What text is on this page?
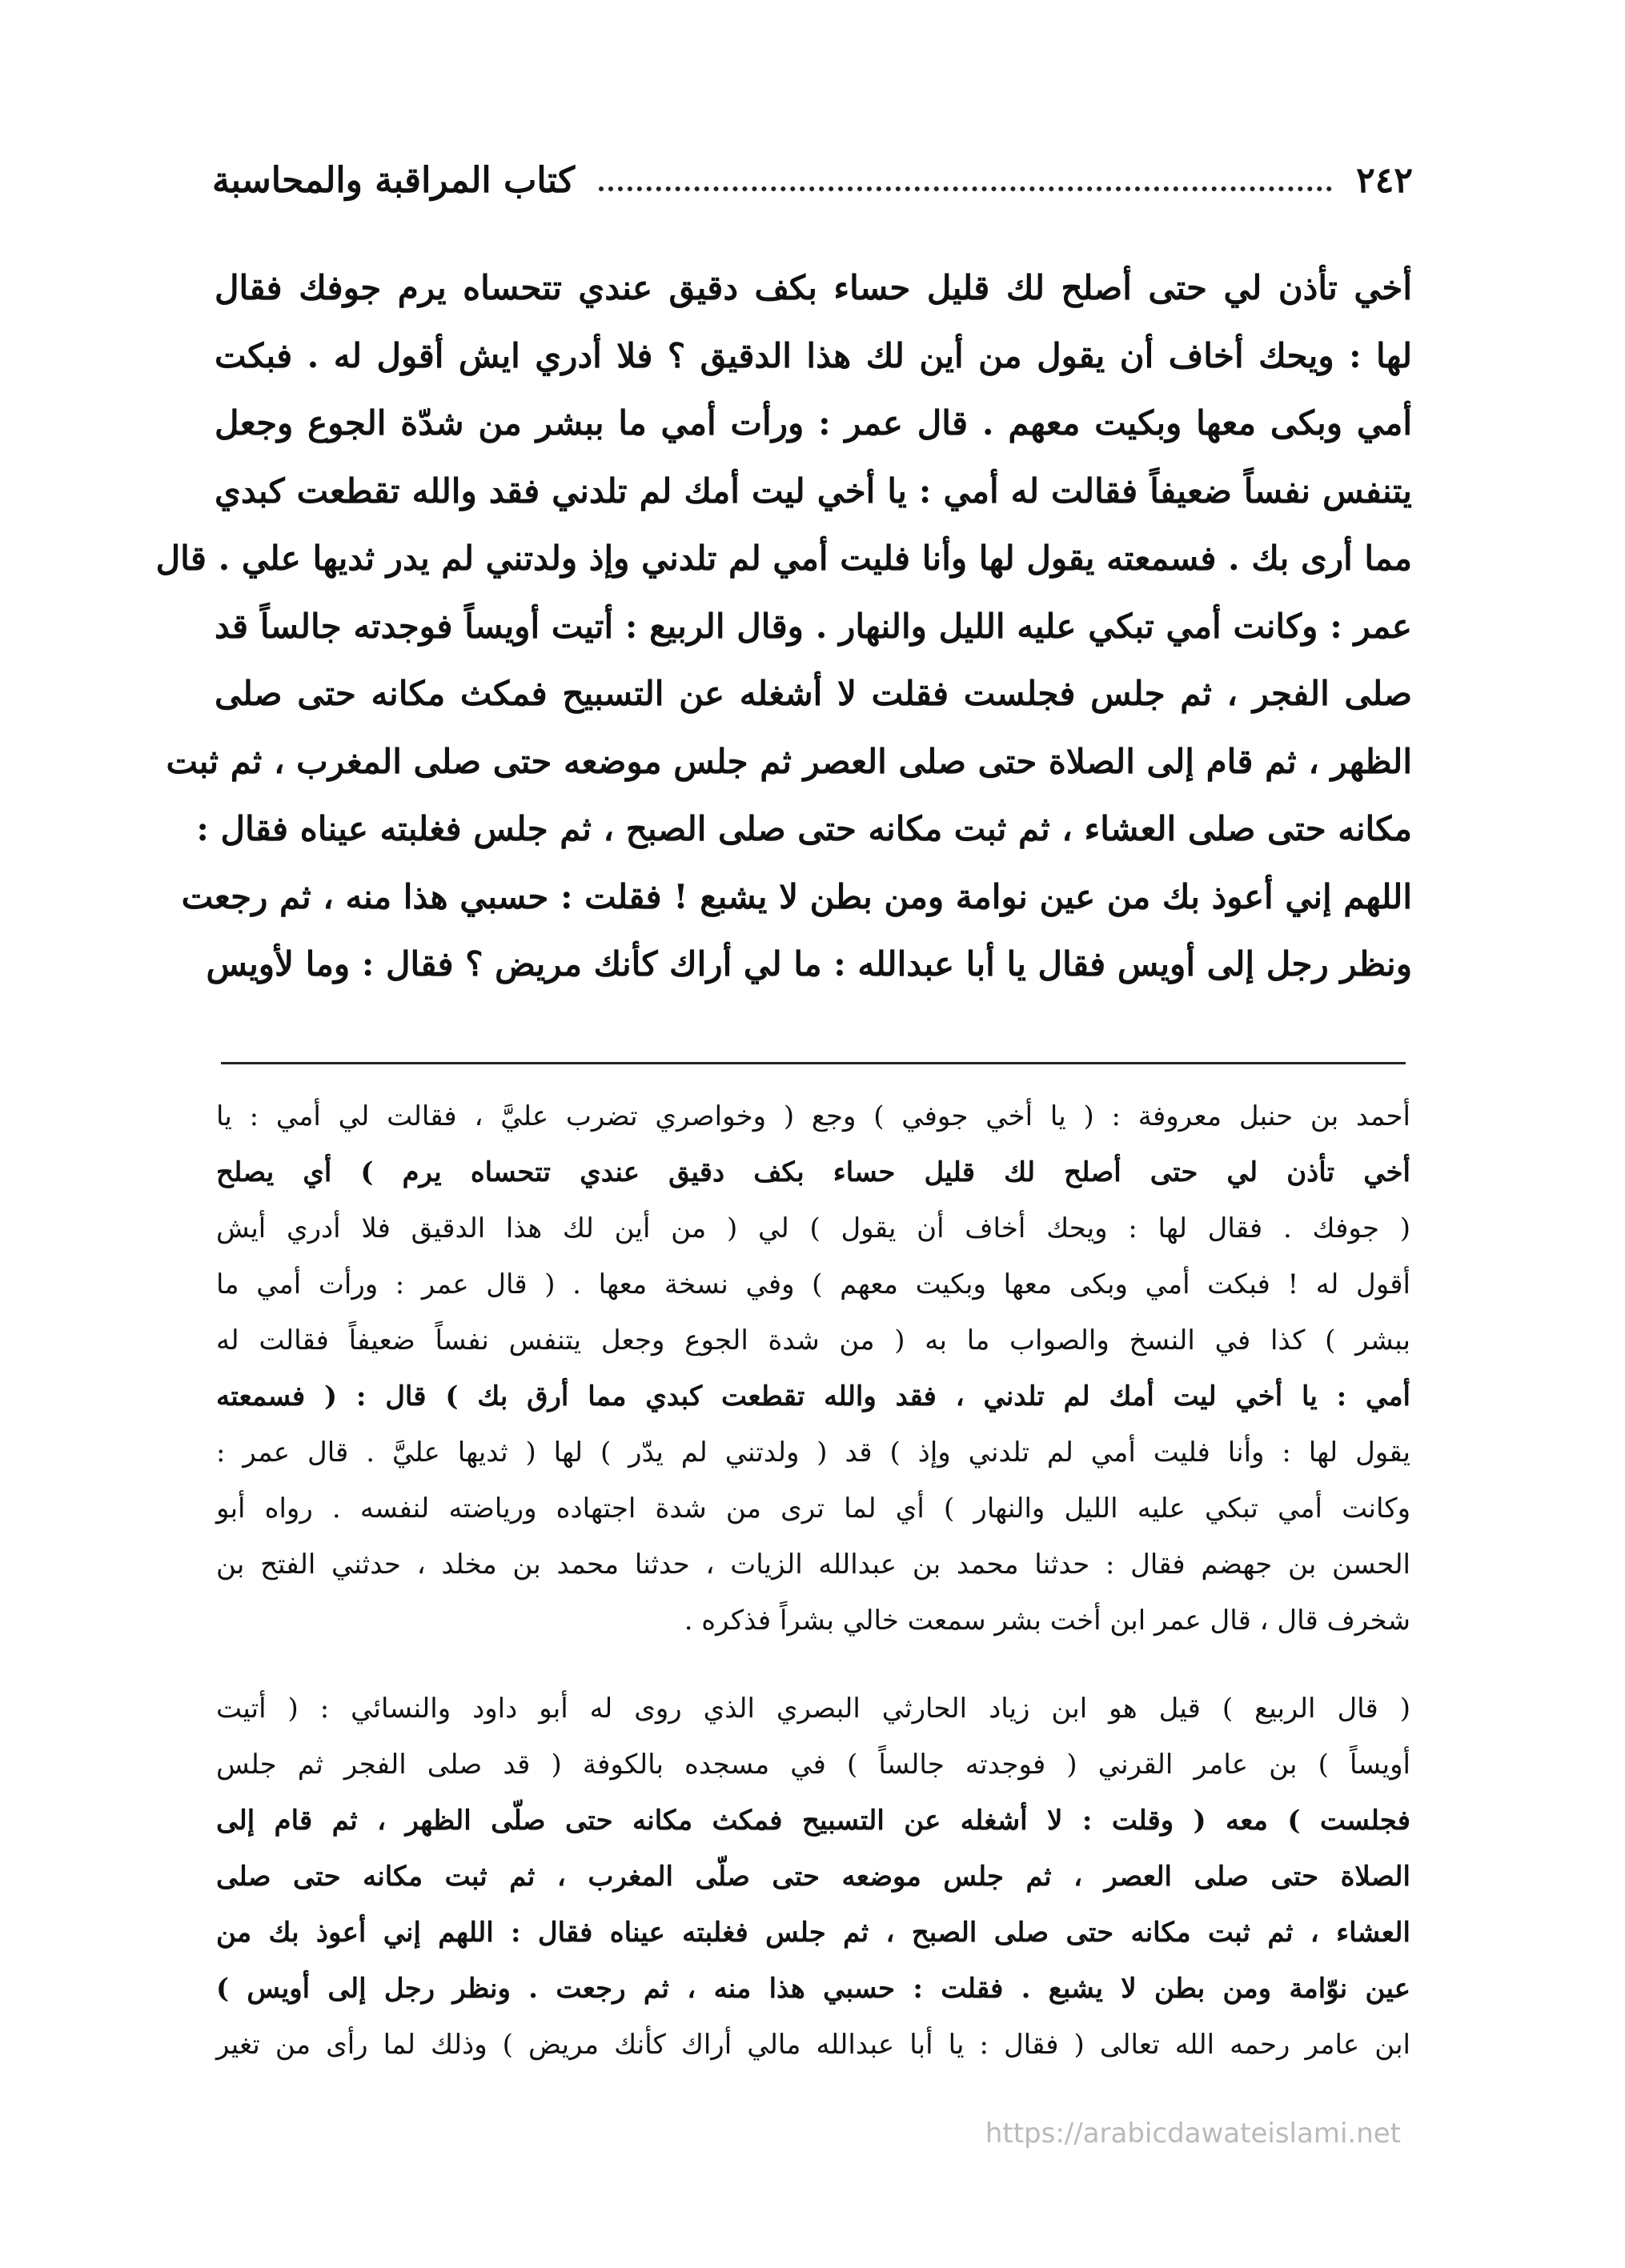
٢٤٢
كتاب المراقبة والمحاسبة
أخي تأذن لي حتى أصلح لك قليل حساء بكف دقيق عندي تتحساه يرم جوفك فقال
لها : ويحك أخاف أن يقول من أين لك هذا الدقيق ؟ فلا أدري ايش أقول له . فبكت
أمي وبكى معها وبكيت معهم . قال عمر : ورأت أمي ما ببشر من شدّة الجوع وجعل
يتنفس نفساً ضعيفاً فقالت له أمي : يا أخي ليت أمك لم تلدني فقد والله تقطعت كبدي
مما أرى بك . فسمعته يقول لها وأنا فليت أمي لم تلدني وإذ ولدتني لم يدر ثديها علي . قال
عمر : وكانت أمي تبكي عليه الليل والنهار . وقال الربيع : أتيت أويساً فوجدته جالساً قد
صلى الفجر ، ثم جلس فجلست فقلت لا أشغله عن التسبيح فمكث مكانه حتى صلى
الظهر ، ثم قام إلى الصلاة حتى صلى العصر ثم جلس موضعه حتى صلى المغرب ، ثم ثبت
مكانه حتى صلى العشاء ، ثم ثبت مكانه حتى صلى الصبح ، ثم جلس فغلبته عيناه فقال :
اللهم إني أعوذ بك من عين نوامة ومن بطن لا يشبع ! فقلت : حسبي هذا منه ، ثم رجعت
ونظر رجل إلى أويس فقال يا أبا عبدالله : ما لي أراك كأنك مريض ؟ فقال : وما لأويس
أحمد بن حنبل معروفة : ( يا أخي جوفي ) وجع ( وخواصري تضرب عليَّ ، فقالت لي أمي : يا
أخي تأذن لي حتى أصلح لك قليل حساء بكف دقيق عندي تتحساه يرم ) أي يصلح
( جوفك . فقال لها : ويحك أخاف أن يقول ) لي ( من أين لك هذا الدقيق فلا أدري أيش
أقول له ! فبكت أمي وبكى معها وبكيت معهم ) وفي نسخة معها . ( قال عمر : ورأت أمي ما
ببشر ) كذا في النسخ والصواب ما به ( من شدة الجوع وجعل يتنفس نفساً ضعيفاً فقالت له
أمي : يا أخي ليت أمك لم تلدني ، فقد والله تقطعت كبدي مما أرق بك ) قال : ( فسمعته
يقول لها : وأنا فليت أمي لم تلدني وإذ ) قد ( ولدتني لم يدّر ) لها ( ثديها عليَّ . قال عمر :
وكانت أمي تبكي عليه الليل والنهار ) أي لما ترى من شدة اجتهاده ورياضته لنفسه . رواه أبو
الحسن بن جهضم فقال : حدثنا محمد بن عبدالله الزيات ، حدثنا محمد بن مخلد ، حدثني الفتح بن
شخرف قال ، قال عمر ابن أخت بشر سمعت خالي بشراً فذكره .
( قال الربيع ) قيل هو ابن زياد الحارثي البصري الذي روى له أبو داود والنسائي : ( أتيت
أويساً ) بن عامر القرني ( فوجدته جالساً ) في مسجده بالكوفة ( قد صلى الفجر ثم جلس
فجلست ) معه ( وقلت : لا أشغله عن التسبيح فمكث مكانه حتى صلّى الظهر ، ثم قام إلى
الصلاة حتى صلى العصر ، ثم جلس موضعه حتى صلّى المغرب ، ثم ثبت مكانه حتى صلى
العشاء ، ثم ثبت مكانه حتى صلى الصبح ، ثم جلس فغلبته عيناه فقال : اللهم إني أعوذ بك من
عين نوّامة ومن بطن لا يشبع . فقلت : حسبي هذا منه ، ثم رجعت . ونظر رجل إلى أويس )
ابن عامر رحمه الله تعالى ( فقال : يا أبا عبدالله مالي أراك كأنك مريض ) وذلك لما رأى من تغير
https://arabicdawateislami.net
